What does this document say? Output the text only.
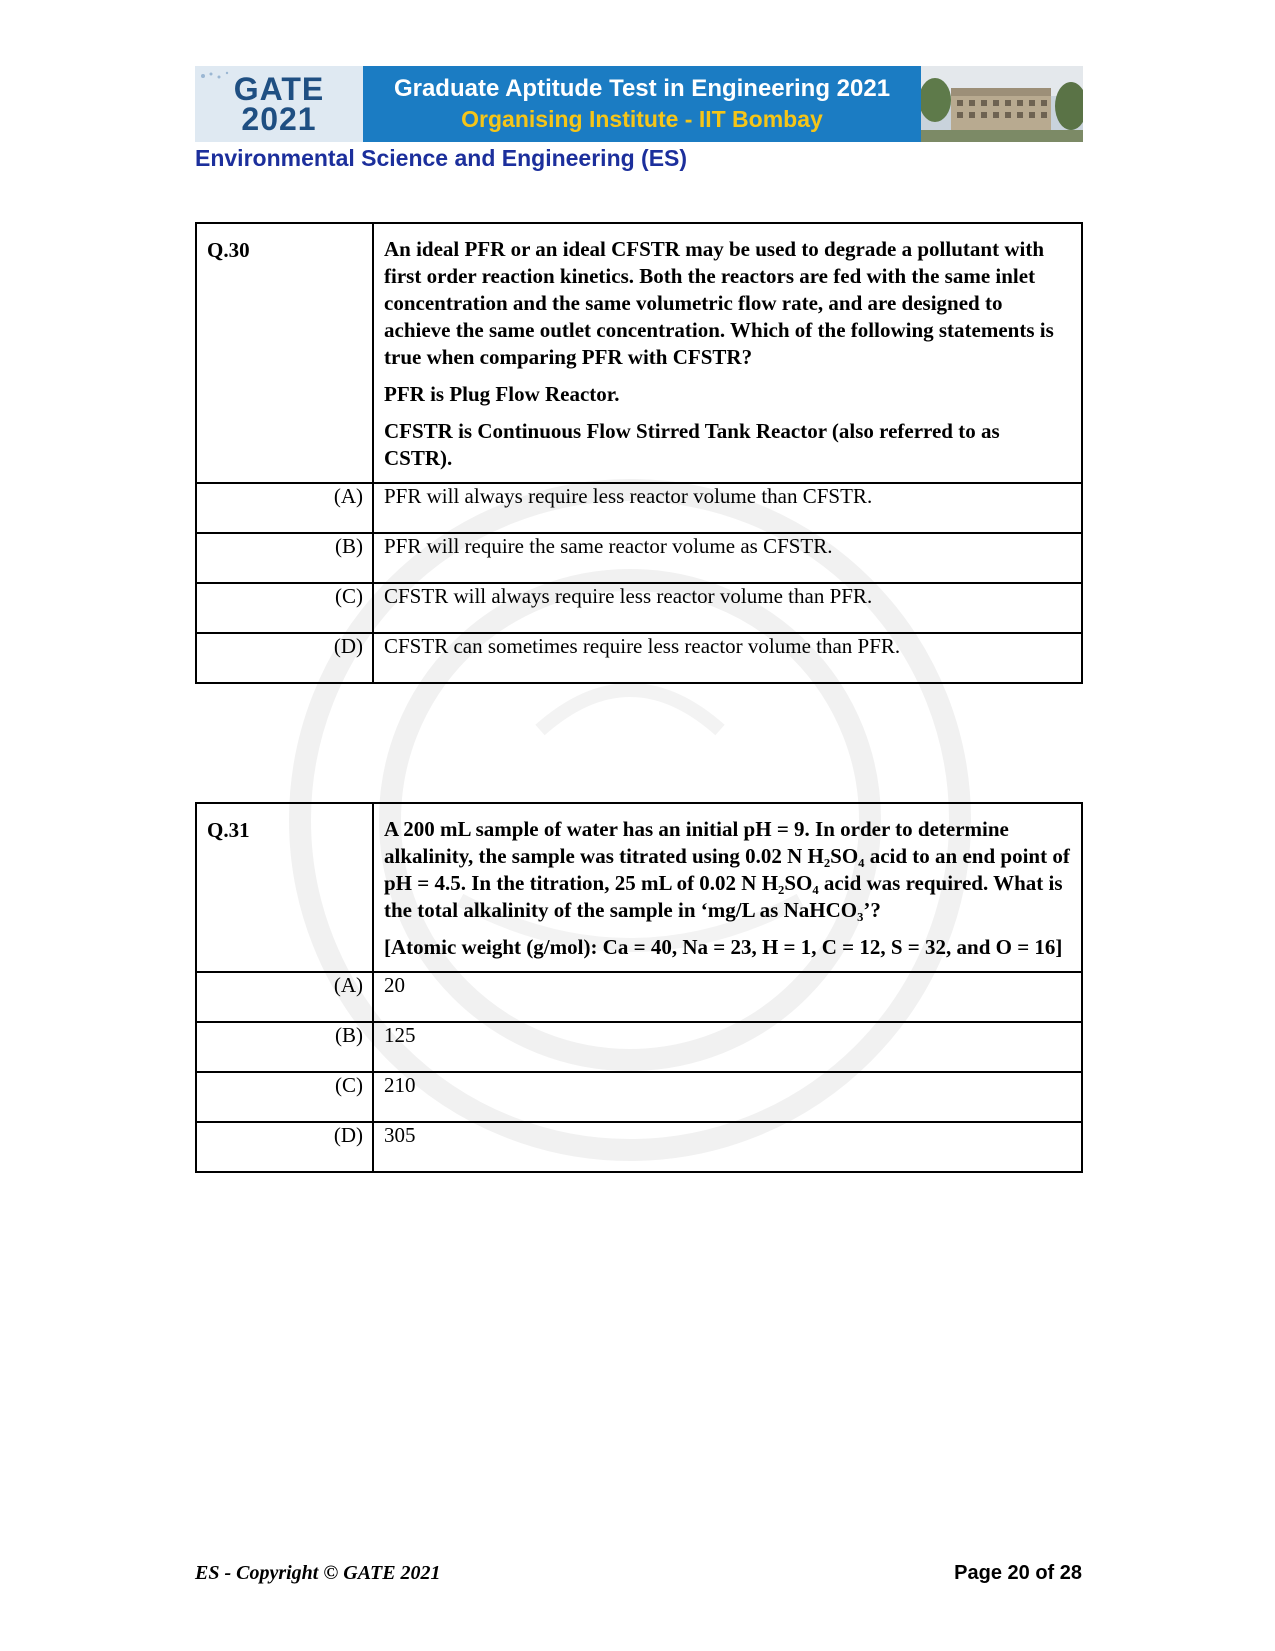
GATE
2021
Graduate Aptitude Test in Engineering 2021
Organising Institute - IIT Bombay
Environmental Science and Engineering (ES)
Q.30	An ideal PFR or an ideal CFSTR may be used to degrade a pollutant with first order reaction kinetics. Both the reactors are fed with the same inlet concentration and the same volumetric flow rate, and are designed to achieve the same outlet concentration. Which of the following statements is true when comparing PFR with CFSTR?

PFR is Plug Flow Reactor.

CFSTR is Continuous Flow Stirred Tank Reactor (also referred to as CSTR).

(A)	PFR will always require less reactor volume than CFSTR.
(B)	PFR will require the same reactor volume as CFSTR.
(C)	CFSTR will always require less reactor volume than PFR.
(D)	CFSTR can sometimes require less reactor volume than PFR.
Q.31	A 200 mL sample of water has an initial pH = 9. In order to determine alkalinity, the sample was titrated using 0.02 N H₂SO₄ acid to an end point of pH = 4.5. In the titration, 25 mL of 0.02 N H₂SO₄ acid was required. What is the total alkalinity of the sample in ‘mg/L as NaHCO₃’?

[Atomic weight (g/mol): Ca = 40, Na = 23, H = 1, C = 12, S = 32, and O = 16]

(A)	20
(B)	125
(C)	210
(D)	305
ES - Copyright © GATE 2021	Page 20 of 28
